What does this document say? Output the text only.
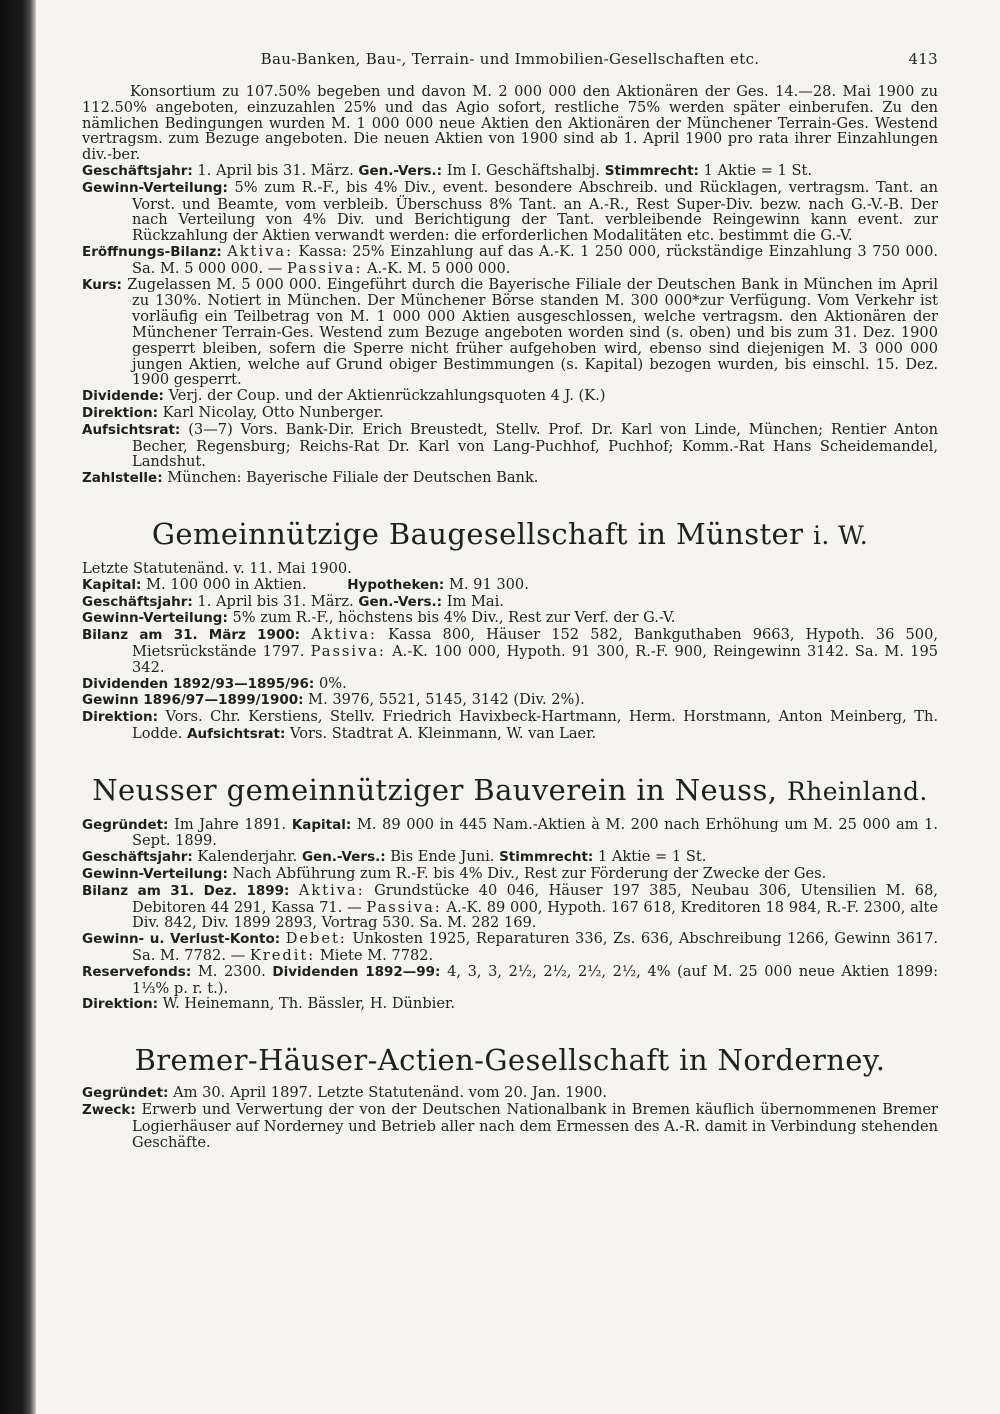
Bau-Banken, Bau-, Terrain- und Immobilien-Gesellschaften etc.	413

Konsortium zu 107.50% begeben und davon M. 2 000 000 den Aktionären der Ges. 14.—28. Mai 1900 zu 112.50% angeboten, einzuzahlen 25% und das Agio sofort, restliche 75% werden später einberufen. Zu den nämlichen Bedingungen wurden M. 1 000 000 neue Aktien den Aktionären der Münchener Terrain-Ges. Westend vertragsm. zum Bezuge angeboten. Die neuen Aktien von 1900 sind ab 1. April 1900 pro rata ihrer Einzahlungen div.-ber.

Geschäftsjahr: 1. April bis 31. März. Gen.-Vers.: Im I. Geschäftshalbj. Stimmrecht: 1 Aktie = 1 St.

Gewinn-Verteilung: 5% zum R.-F., bis 4% Div., event. besondere Abschreib. und Rücklagen, vertragsm. Tant. an Vorst. und Beamte, vom verbleib. Überschuss 8% Tant. an A.-R., Rest Super-Div. bezw. nach G.-V.-B. Der nach Verteilung von 4% Div. und Berichtigung der Tant. verbleibende Reingewinn kann event. zur Rückzahlung der Aktien verwandt werden: die erforderlichen Modalitäten etc. bestimmt die G.-V.

Eröffnungs-Bilanz: Aktiva: Kassa: 25% Einzahlung auf das A.-K. 1 250 000, rückständige Einzahlung 3 750 000. Sa. M. 5 000 000. — Passiva: A.-K. M. 5 000 000.

Kurs: Zugelassen M. 5 000 000. Eingeführt durch die Bayerische Filiale der Deutschen Bank in München im April zu 130%. Notiert in München. Der Münchener Börse standen M. 300 000*zur Verfügung. Vom Verkehr ist vorläufig ein Teilbetrag von M. 1 000 000 Aktien ausgeschlossen, welche vertragsm. den Aktionären der Münchener Terrain-Ges. Westend zum Bezuge angeboten worden sind (s. oben) und bis zum 31. Dez. 1900 gesperrt bleiben, sofern die Sperre nicht früher aufgehoben wird, ebenso sind diejenigen M. 3 000 000 jungen Aktien, welche auf Grund obiger Bestimmungen (s. Kapital) bezogen wurden, bis einschl. 15. Dez. 1900 gesperrt.

Dividende: Verj. der Coup. und der Aktienrückzahlungsquoten 4 J. (K.)

Direktion: Karl Nicolay, Otto Nunberger.

Aufsichtsrat: (3—7) Vors. Bank-Dir. Erich Breustedt, Stellv. Prof. Dr. Karl von Linde, München; Rentier Anton Becher, Regensburg; Reichs-Rat Dr. Karl von Lang-Puchhof, Puchhof; Komm.-Rat Hans Scheidemandel, Landshut.

Zahlstelle: München: Bayerische Filiale der Deutschen Bank.

Gemeinnützige Baugesellschaft in Münster i. W.

Letzte Statutenänd. v. 11. Mai 1900.

Kapital: M. 100 000 in Aktien.	Hypotheken: M. 91 300.

Geschäftsjahr: 1. April bis 31. März. Gen.-Vers.: Im Mai.

Gewinn-Verteilung: 5% zum R.-F., höchstens bis 4% Div., Rest zur Verf. der G.-V.

Bilanz am 31. März 1900: Aktiva: Kassa 800, Häuser 152 582, Bankguthaben 9663, Hypoth. 36 500, Mietsrückstände 1797. Passiva: A.-K. 100 000, Hypoth. 91 300, R.-F. 900, Reingewinn 3142. Sa. M. 195 342.

Dividenden 1892/93—1895/96: 0%.

Gewinn 1896/97—1899/1900: M. 3976, 5521, 5145, 3142 (Div. 2%).

Direktion: Vors. Chr. Kerstiens, Stellv. Friedrich Havixbeck-Hartmann, Herm. Horstmann, Anton Meinberg, Th. Lodde. Aufsichtsrat: Vors. Stadtrat A. Kleinmann, W. van Laer.

Neusser gemeinnütziger Bauverein in Neuss, Rheinland.

Gegründet: Im Jahre 1891. Kapital: M. 89 000 in 445 Nam.-Aktien à M. 200 nach Erhöhung um M. 25 000 am 1. Sept. 1899.

Geschäftsjahr: Kalenderjahr. Gen.-Vers.: Bis Ende Juni. Stimmrecht: 1 Aktie = 1 St.

Gewinn-Verteilung: Nach Abführung zum R.-F. bis 4% Div., Rest zur Förderung der Zwecke der Ges.

Bilanz am 31. Dez. 1899: Aktiva: Grundstücke 40 046, Häuser 197 385, Neubau 306, Utensilien M. 68, Debitoren 44 291, Kassa 71. — Passiva: A.-K. 89 000, Hypoth. 167 618, Kreditoren 18 984, R.-F. 2300, alte Div. 842, Div. 1899 2893, Vortrag 530. Sa. M. 282 169.

Gewinn- u. Verlust-Konto: Debet: Unkosten 1925, Reparaturen 336, Zs. 636, Abschreibung 1266, Gewinn 3617. Sa. M. 7782. — Kredit: Miete M. 7782.

Reservefonds: M. 2300. Dividenden 1892—99: 4, 3, 3, 2½, 2½, 2½, 2½, 4% (auf M. 25 000 neue Aktien 1899: 1⅓% p. r. t.).

Direktion: W. Heinemann, Th. Bässler, H. Dünbier.

Bremer-Häuser-Actien-Gesellschaft in Norderney.

Gegründet: Am 30. April 1897. Letzte Statutenänd. vom 20. Jan. 1900.

Zweck: Erwerb und Verwertung der von der Deutschen Nationalbank in Bremen käuflich übernommenen Bremer Logierhäuser auf Norderney und Betrieb aller nach dem Ermessen des A.-R. damit in Verbindung stehenden Geschäfte.
